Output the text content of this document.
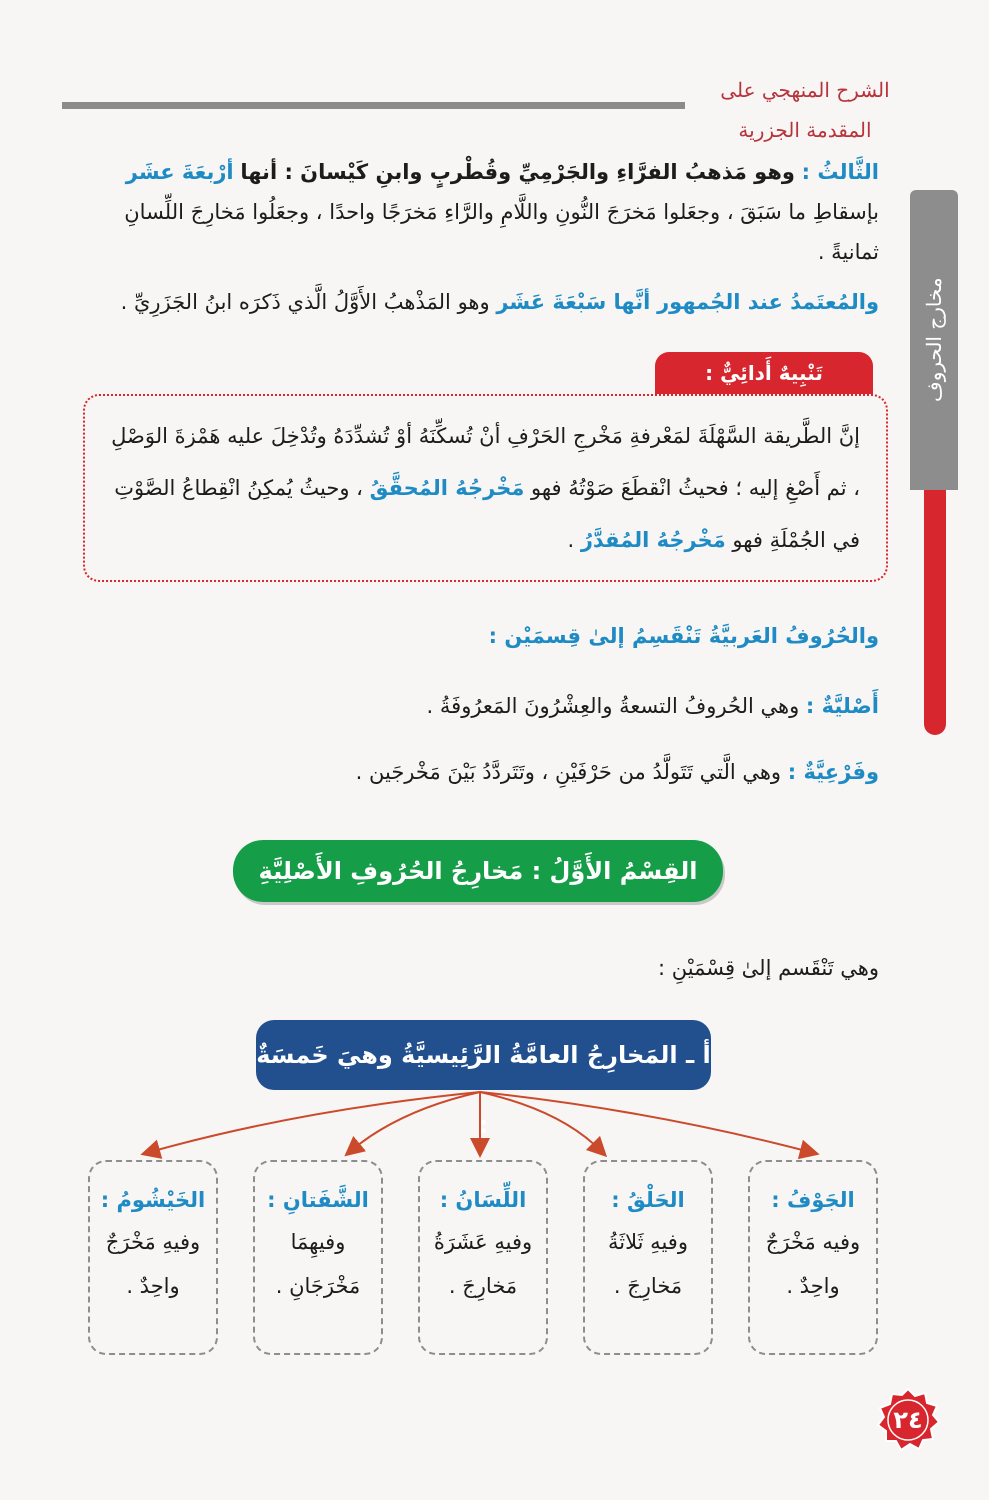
الشرح المنهجي على المقدمة الجزرية
مخارج الحروف
الثَّالثُ : وهو مَذهبُ الفرَّاءِ والجَرْمِيِّ وقُطْربٍ وابنِ كَيْسانَ : أنها أرْبعَةَ عشَر بإسقاطِ ما سَبَقَ ، وجعَلوا مَخرَجَ النُّونِ واللَّامِ والرَّاءِ مَخرَجًا واحدًا ، وجعَلُوا مَخارِجَ اللِّسانِ ثمانيةً .
والمُعتَمدُ عند الجُمهور أنَّها سَبْعَةَ عَشَر وهو المَذْهبُ الأَوَّلُ الَّذي ذَكرَه ابنُ الجَزَرِيِّ .
تَنْبِيهٌ أَدائِيٌّ :
إنَّ الطَّريقة السَّهْلَةَ لمَعْرفةِ مَخْرجِ الحَرْفِ أنْ تُسكِّنَهُ أوْ تُشدِّدَهُ وتُدْخِلَ عليه هَمْزةَ الوَصْلِ ، ثم أَصْغِ إليه ؛ فحيثُ انْقطَعَ صَوْتُهُ فهو مَخْرجُهُ المُحقَّقُ ، وحيثُ يُمكِنُ انْقِطاعُ الصَّوْتِ في الجُمْلَةِ فهو مَخْرجُهُ المُقدَّرُ .
والحُرُوفُ العَربيَّةُ تَنْقَسِمُ إلىٰ قِسمَيْن :
أَصْليَّةٌ : وهي الحُروفُ التسعةُ والعِشْرُونَ المَعرُوفَةُ .
وفَرْعِيَّةٌ : وهي الَّتي تَتَولَّدُ من حَرْفَيْنِ ، وتَتَردَّدُ بَيْنَ مَخْرجَين .
القِسْمُ الأَوَّلُ : مَخارِجُ الحُرُوفِ الأَصْلِيَّةِ
وهي تَنْقَسم إلىٰ قِسْمَيْنِ :
أ ـ المَخارِجُ العامَّةُ الرَّئِيسيَّةُ وهيَ خَمسَةٌ :
الجَوْفُ :
وفيه مَخْرَجٌ
واحِدٌ .
الحَلْقُ :
وفيهِ ثَلاثَةُ
مَخارِجَ .
اللِّسَانُ :
وفيهِ عَشَرَةُ
مَخارِجَ .
الشَّفَتانِ :
وفيهِمَا
مَخْرَجَانِ .
الخَيْشُومُ :
وفيهِ مَخْرَجٌ
واحِدٌ .
٢٤
